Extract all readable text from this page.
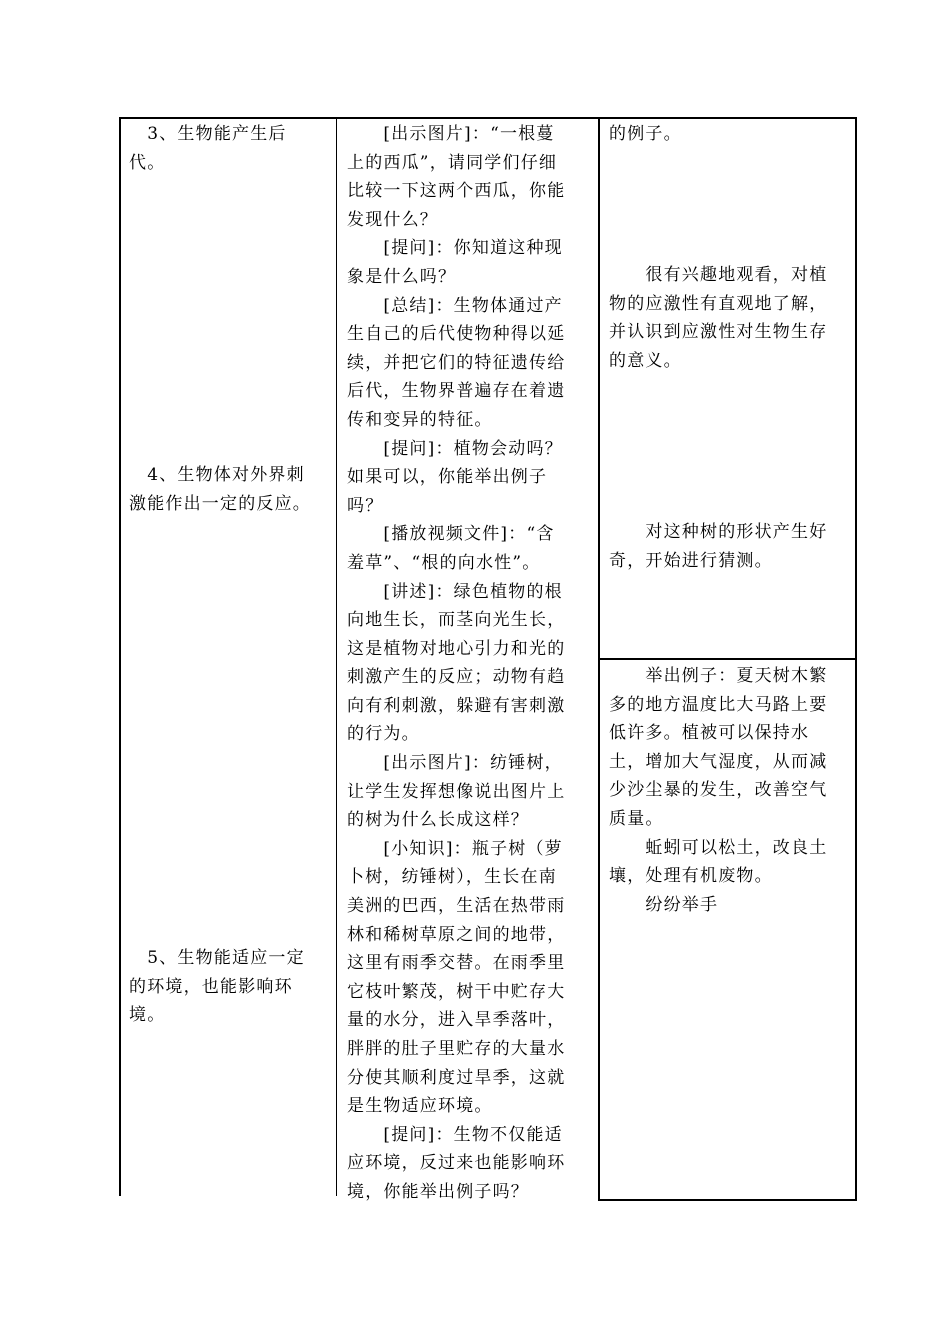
　3、生物能产生后
代。
　4、生物体对外界刺
激能作出一定的反应。
　5、生物能适应一定
的环境，也能影响环
境。
　　[出示图片]：“一根蔓
上的西瓜”，请同学们仔细
比较一下这两个西瓜，你能
发现什么？
　　[提问]：你知道这种现
象是什么吗？
　　[总结]：生物体通过产
生自己的后代使物种得以延
续，并把它们的特征遗传给
后代，生物界普遍存在着遗
传和变异的特征。
　　[提问]：植物会动吗？
如果可以，你能举出例子
吗？
　　[播放视频文件]：“含
羞草”、“根的向水性”。
　　[讲述]：绿色植物的根
向地生长，而茎向光生长，
这是植物对地心引力和光的
刺激产生的反应；动物有趋
向有利刺激，躲避有害刺激
的行为。
　　[出示图片]：纺锤树，
让学生发挥想像说出图片上
的树为什么长成这样？
　　[小知识]：瓶子树（萝
卜树，纺锤树），生长在南
美洲的巴西，生活在热带雨
林和稀树草原之间的地带，
这里有雨季交替。在雨季里
它枝叶繁茂，树干中贮存大
量的水分，进入旱季落叶，
胖胖的肚子里贮存的大量水
分使其顺利度过旱季，这就
是生物适应环境。
　　[提问]：生物不仅能适
应环境，反过来也能影响环
境，你能举出例子吗？
的例子。
　　很有兴趣地观看，对植
物的应激性有直观地了解，
并认识到应激性对生物生存
的意义。
　　对这种树的形状产生好
奇，开始进行猜测。
　　举出例子：夏天树木繁
多的地方温度比大马路上要
低许多。植被可以保持水
土，增加大气湿度，从而减
少沙尘暴的发生，改善空气
质量。
　　蚯蚓可以松土，改良土
壤，处理有机废物。
　　纷纷举手
